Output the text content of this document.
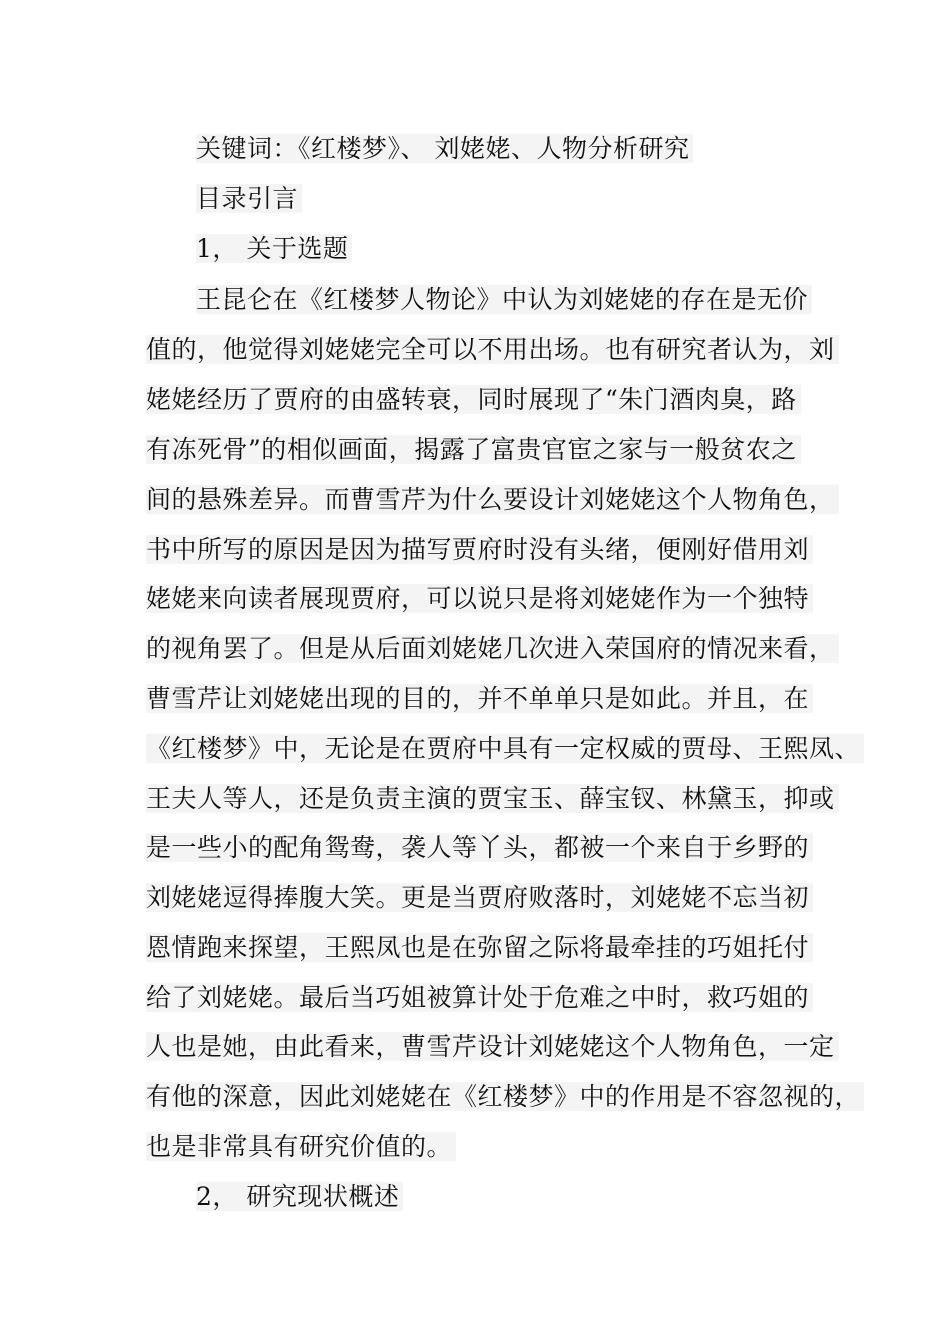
关键词：《红楼梦》、 刘姥姥、人物分析研究
目录引言
1， 关于选题
王昆仑在《红楼梦人物论》中认为刘姥姥的存在是无价
值的，他觉得刘姥姥完全可以不用出场。也有研究者认为，刘
姥姥经历了贾府的由盛转衰，同时展现了“朱门酒肉臭，路
有冻死骨”的相似画面，揭露了富贵官宦之家与一般贫农之
间的悬殊差异。而曹雪芹为什么要设计刘姥姥这个人物角色，
书中所写的原因是因为描写贾府时没有头绪，便刚好借用刘
姥姥来向读者展现贾府，可以说只是将刘姥姥作为一个独特
的视角罢了。但是从后面刘姥姥几次进入荣国府的情况来看，
曹雪芹让刘姥姥出现的目的，并不单单只是如此。并且，在
《红楼梦》中，无论是在贾府中具有一定权威的贾母、王熙凤、
王夫人等人，还是负责主演的贾宝玉、薛宝钗、林黛玉，抑或
是一些小的配角鸳鸯，袭人等丫头，都被一个来自于乡野的
刘姥姥逗得捧腹大笑。更是当贾府败落时，刘姥姥不忘当初
恩情跑来探望，王熙凤也是在弥留之际将最牵挂的巧姐托付
给了刘姥姥。最后当巧姐被算计处于危难之中时，救巧姐的
人也是她，由此看来，曹雪芹设计刘姥姥这个人物角色，一定
有他的深意，因此刘姥姥在《红楼梦》中的作用是不容忽视的，
也是非常具有研究价值的。
2， 研究现状概述
